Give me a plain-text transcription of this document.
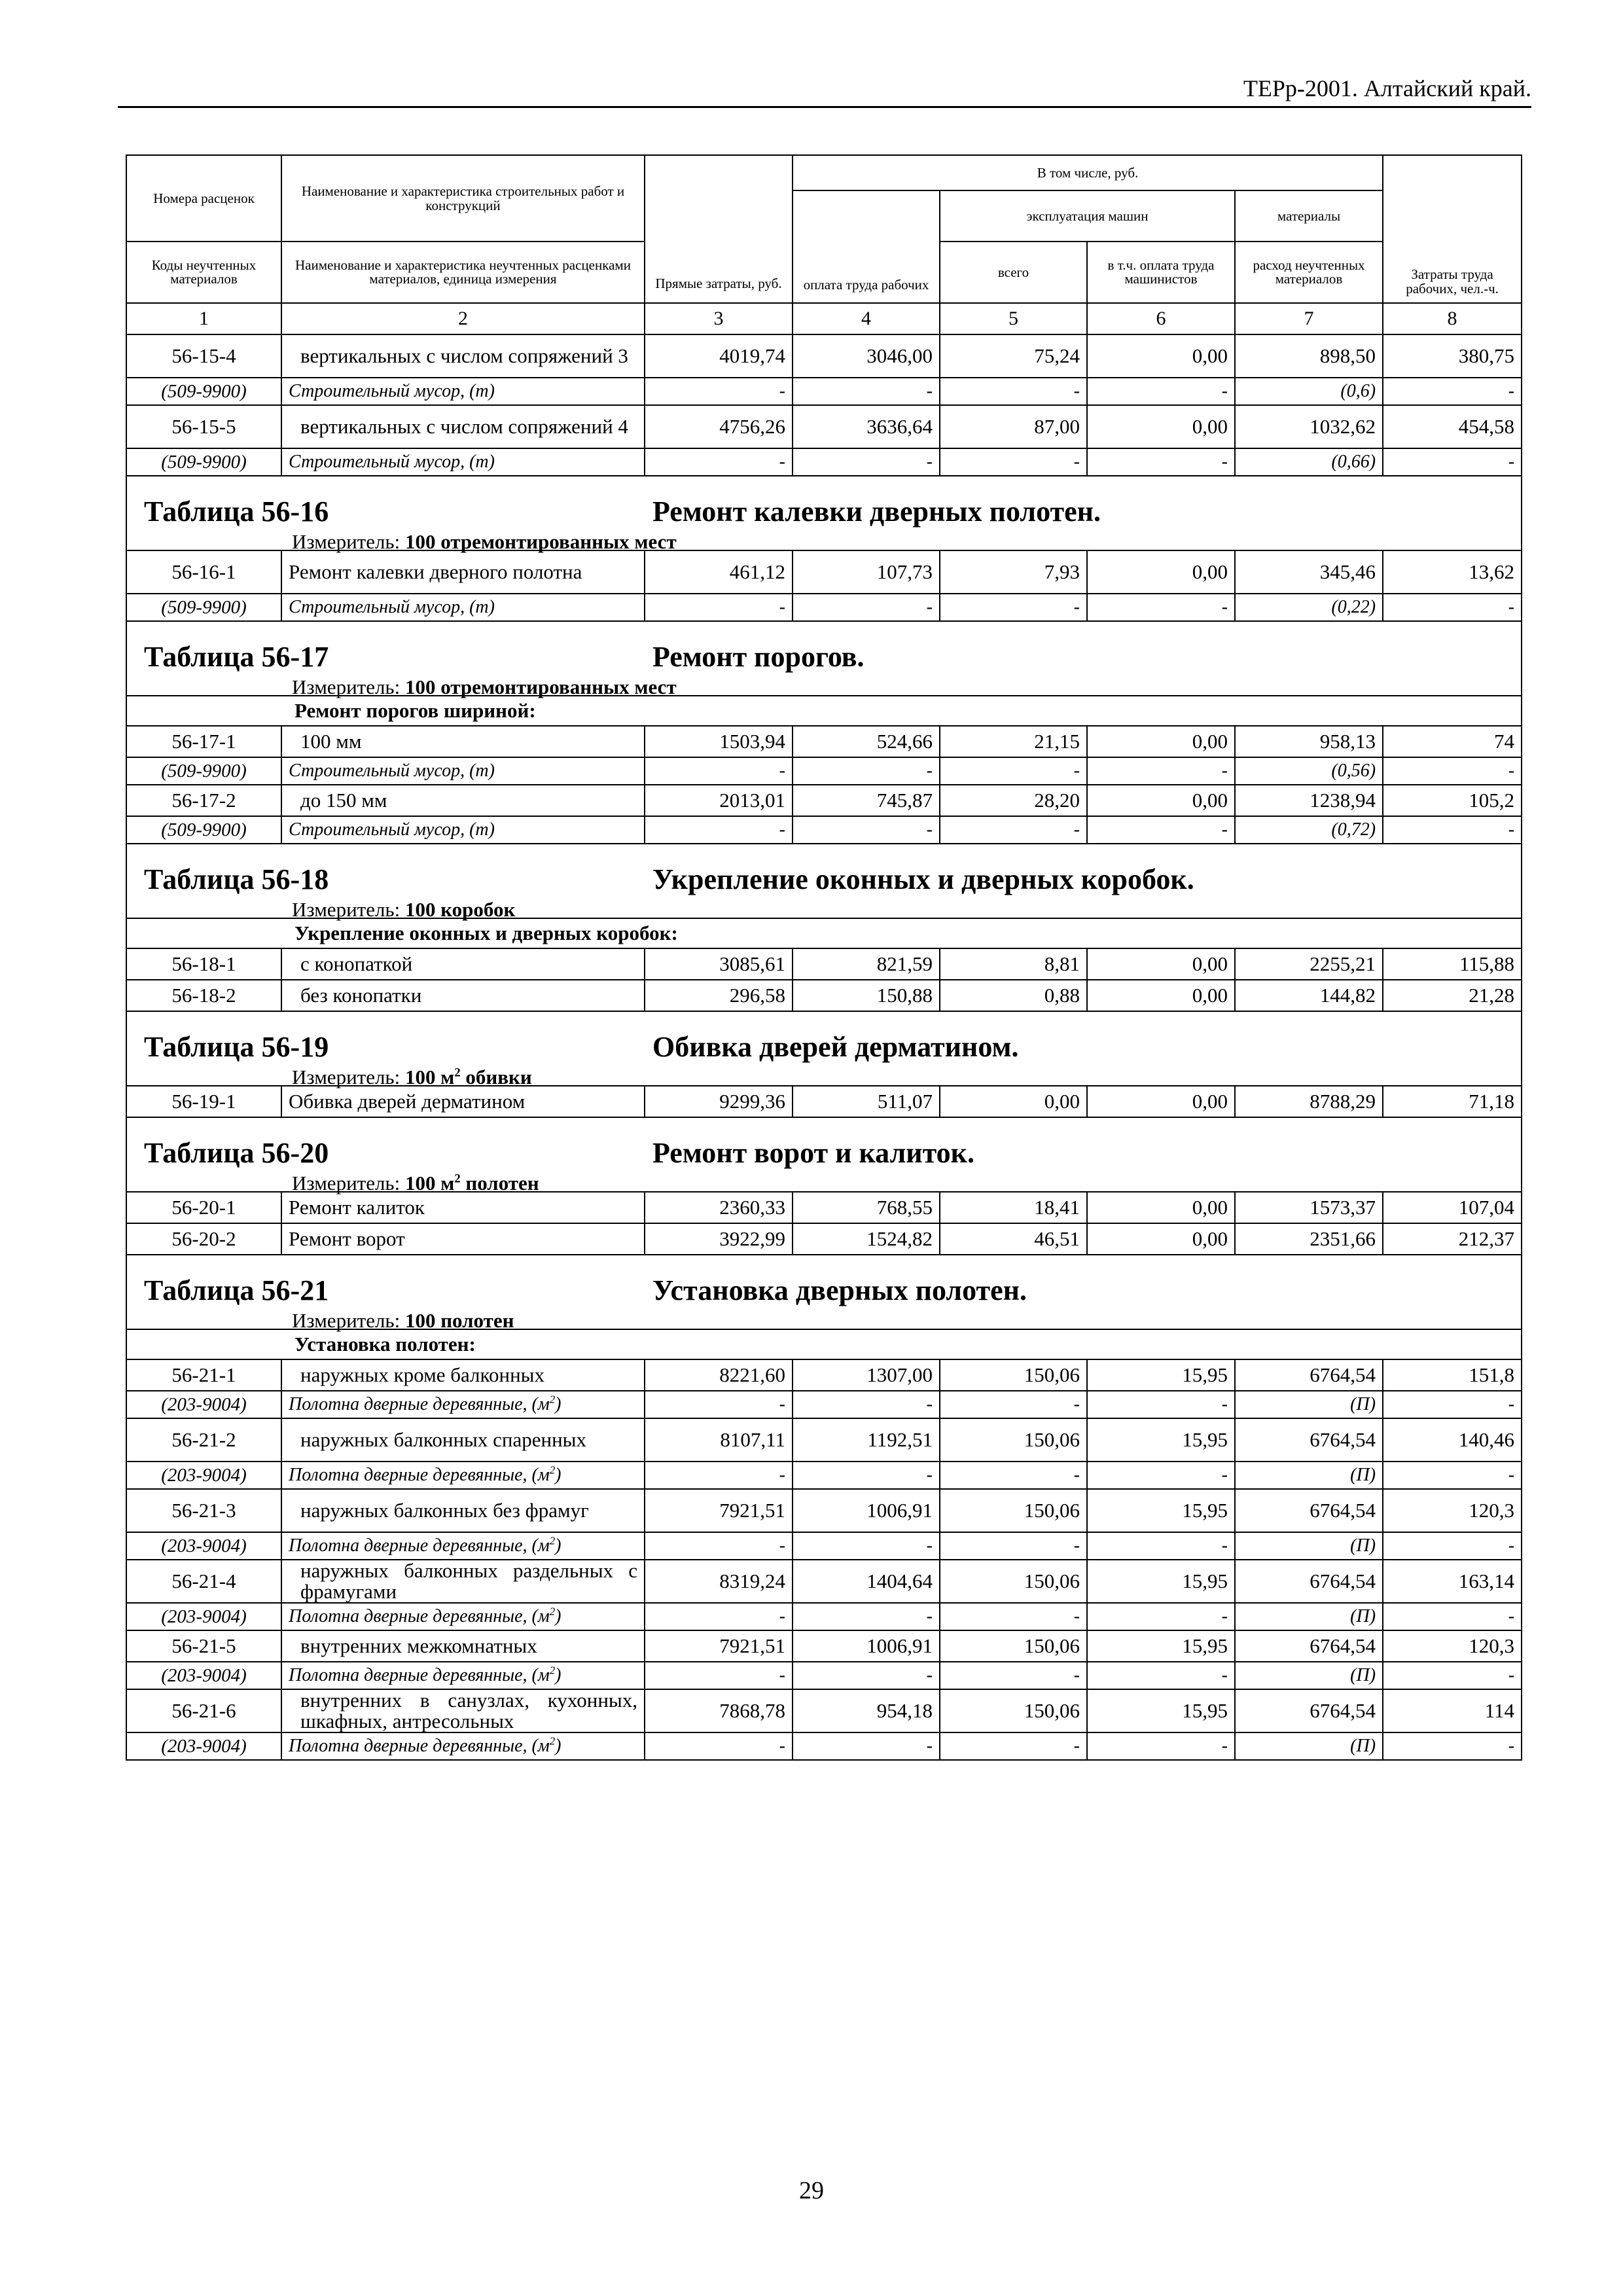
ТЕРр-2001. Алтайский край.
Номера расценок	Наименование и характеристика строительных работ и конструкций	Прямые затраты, руб.	В том числе, руб.				Затраты труда рабочих, чел.-ч.
			оплата труда рабочих	эксплуатация машин		материалы	
Коды неучтенных материалов	Наименование и характеристика неучтенных расценками материалов, единица измерения			всего	в т.ч. оплата труда машинистов	расход неучтенных материалов	
1	2	3	4	5	6	7	8
56-15-4	вертикальных с числом сопряжений 3	4019,74	3046,00	75,24	0,00	898,50	380,75
(509-9900)	Строительный мусор, (т)	-	-	-	-	(0,6)	-
56-15-5	вертикальных с числом сопряжений 4	4756,26	3636,64	87,00	0,00	1032,62	454,58
(509-9900)	Строительный мусор, (т)	-	-	-	-	(0,66)	-

Таблица 56-16 Ремонт калевки дверных полотен.
Измеритель: 100 отремонтированных мест							

56-16-1	Ремонт калевки дверного полотна	461,12	107,73	7,93	0,00	345,46	13,62
(509-9900)	Строительный мусор, (т)	-	-	-	-	(0,22)	-

Таблица 56-17 Ремонт порогов.
Измеритель: 100 отремонтированных мест							

Ремонт порогов шириной:							
56-17-1	100 мм	1503,94	524,66	21,15	0,00	958,13	74
(509-9900)	Строительный мусор, (т)	-	-	-	-	(0,56)	-
56-17-2	до 150 мм	2013,01	745,87	28,20	0,00	1238,94	105,2
(509-9900)	Строительный мусор, (т)	-	-	-	-	(0,72)	-

Таблица 56-18 Укрепление оконных и дверных коробок.
Измеритель: 100 коробок							

Укрепление оконных и дверных коробок:							
56-18-1	с конопаткой	3085,61	821,59	8,81	0,00	2255,21	115,88
56-18-2	без конопатки	296,58	150,88	0,88	0,00	144,82	21,28

Таблица 56-19 Обивка дверей дерматином.
Измеритель: 100 $м^2$ обивки							

56-19-1	Обивка дверей дерматином	9299,36	511,07	0,00	0,00	8788,29	71,18

Таблица 56-20 Ремонт ворот и калиток.
Измеритель: 100 $м^2$ полотен							

56-20-1	Ремонт калиток	2360,33	768,55	18,41	0,00	1573,37	107,04
56-20-2	Ремонт ворот	3922,99	1524,82	46,51	0,00	2351,66	212,37

Таблица 56-21 Установка дверных полотен.
Измеритель: 100 полотен							

Установка полотен:							
56-21-1	наружных кроме балконных	8221,60	1307,00	150,06	15,95	6764,54	151,8
(203-9004)	Полотна дверные деревянные, $(м^2)$	-	-	-	-	(П)	-
56-21-2	наружных балконных спаренных	8107,11	1192,51	150,06	15,95	6764,54	140,46
(203-9004)	Полотна дверные деревянные, $(м^2)$	-	-	-	-	(П)	-
56-21-3	наружных балконных без фрамуг	7921,51	1006,91	150,06	15,95	6764,54	120,3
(203-9004)	Полотна дверные деревянные, $(м^2)$	-	-	-	-	(П)	-
56-21-4	наружных балконных раздельных с фрамугами	8319,24	1404,64	150,06	15,95	6764,54	163,14
(203-9004)	Полотна дверные деревянные, $(м^2)$	-	-	-	-	(П)	-
56-21-5	внутренних межкомнатных	7921,51	1006,91	150,06	15,95	6764,54	120,3
(203-9004)	Полотна дверные деревянные, $(м^2)$	-	-	-	-	(П)	-
56-21-6	внутренних в санузлах, кухонных, шкафных, антресольных	7868,78	954,18	150,06	15,95	6764,54	114
(203-9004)	Полотна дверные деревянные, $(м^2)$	-	-	-	-	(П)	-
29
